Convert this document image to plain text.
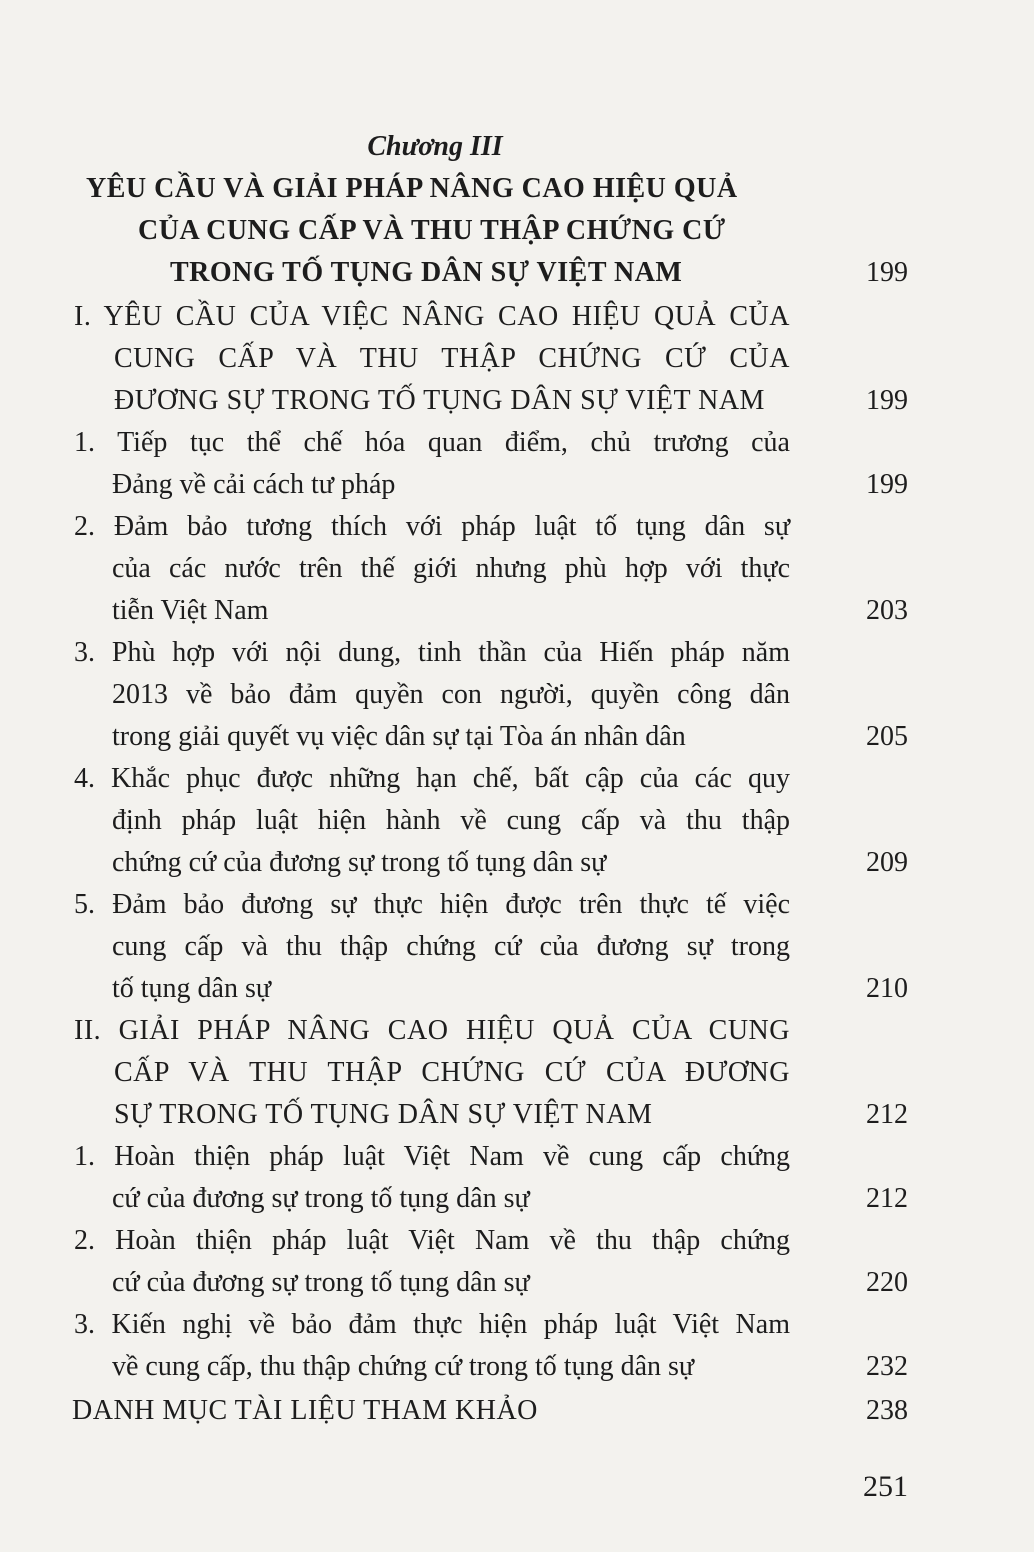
Chương III
YÊU CẦU VÀ GIẢI PHÁP NÂNG CAO HIỆU QUẢ
CỦA CUNG CẤP VÀ THU THẬP CHỨNG CỨ
TRONG TỐ TỤNG DÂN SỰ VIỆT NAM	199
I. YÊU CẦU CỦA VIỆC NÂNG CAO HIỆU QUẢ CỦA
CUNG CẤP VÀ THU THẬP CHỨNG CỨ CỦA
ĐƯƠNG SỰ TRONG TỐ TỤNG DÂN SỰ VIỆT NAM	199
1. Tiếp tục thể chế hóa quan điểm, chủ trương của
Đảng về cải cách tư pháp	199
2. Đảm bảo tương thích với pháp luật tố tụng dân sự
của các nước trên thế giới nhưng phù hợp với thực
tiễn Việt Nam	203
3. Phù hợp với nội dung, tinh thần của Hiến pháp năm
2013 về bảo đảm quyền con người, quyền công dân
trong giải quyết vụ việc dân sự tại Tòa án nhân dân	205
4. Khắc phục được những hạn chế, bất cập của các quy
định pháp luật hiện hành về cung cấp và thu thập
chứng cứ của đương sự trong tố tụng dân sự	209
5. Đảm bảo đương sự thực hiện được trên thực tế việc
cung cấp và thu thập chứng cứ của đương sự trong
tố tụng dân sự	210
II. GIẢI PHÁP NÂNG CAO HIỆU QUẢ CỦA CUNG
CẤP VÀ THU THẬP CHỨNG CỨ CỦA ĐƯƠNG
SỰ TRONG TỐ TỤNG DÂN SỰ VIỆT NAM	212
1. Hoàn thiện pháp luật Việt Nam về cung cấp chứng
cứ của đương sự trong tố tụng dân sự	212
2. Hoàn thiện pháp luật Việt Nam về thu thập chứng
cứ của đương sự trong tố tụng dân sự	220
3. Kiến nghị về bảo đảm thực hiện pháp luật Việt Nam
về cung cấp, thu thập chứng cứ trong tố tụng dân sự	232
DANH MỤC TÀI LIỆU THAM KHẢO	238
251
